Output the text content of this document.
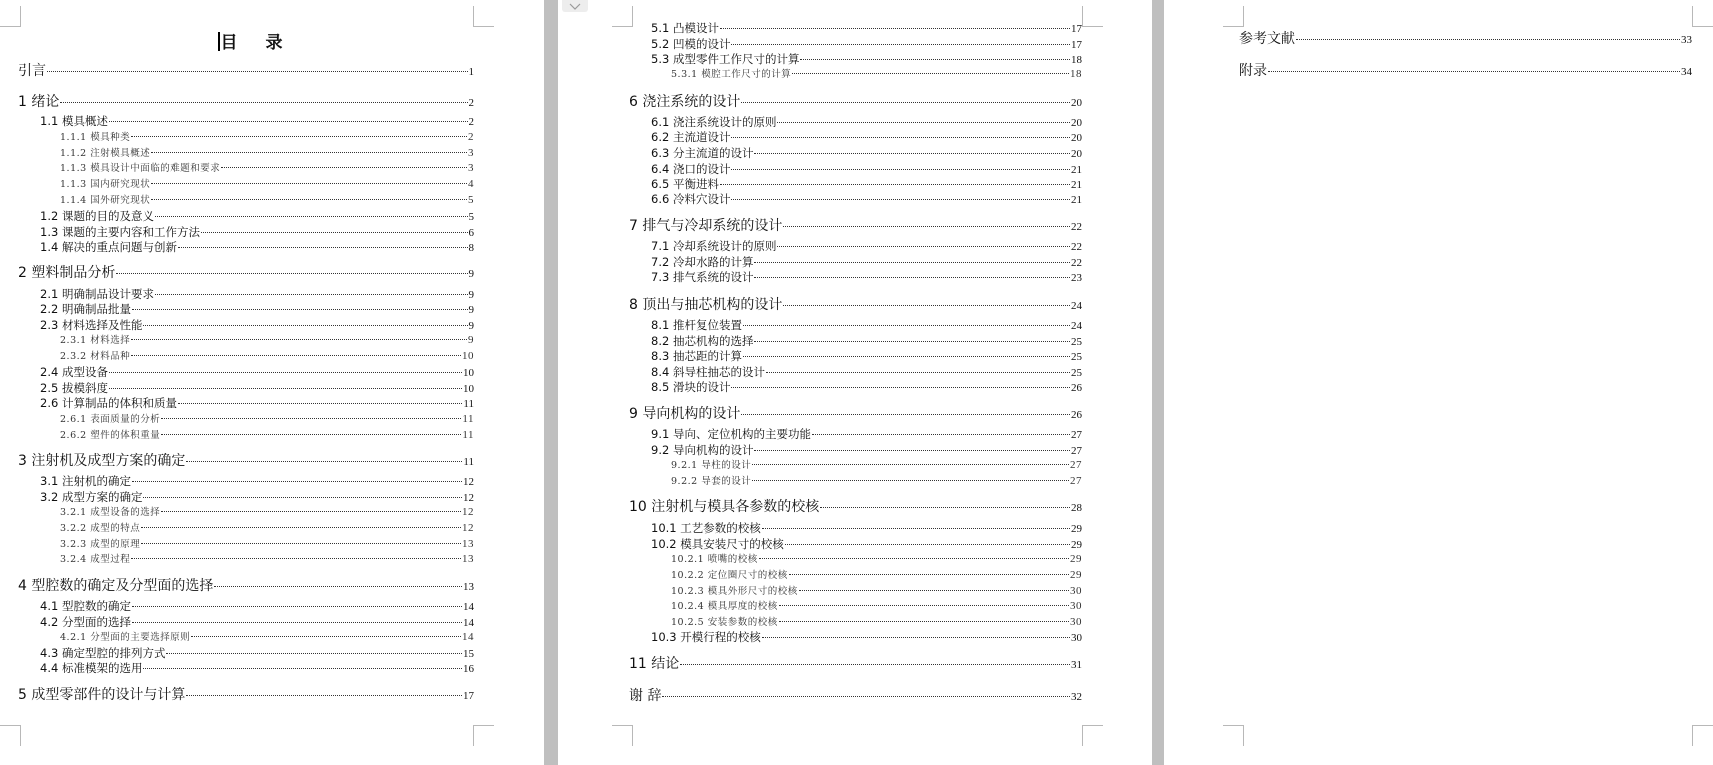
目 录
引言	1
1 绪论	2
1.1 模具概述	2
1.1.1 模具种类	2
1.1.2 注射模具概述	3
1.1.3 模具设计中面临的难题和要求	3
1.1.3 国内研究现状	4
1.1.4 国外研究现状	5
1.2 课题的目的及意义	5
1.3 课题的主要内容和工作方法	6
1.4 解决的重点问题与创新	8
2 塑料制品分析	9
2.1 明确制品设计要求	9
2.2 明确制品批量	9
2.3 材料选择及性能	9
2.3.1 材料选择	9
2.3.2 材料品种	10
2.4 成型设备	10
2.5 拔模斜度	10
2.6 计算制品的体积和质量	11
2.6.1 表面质量的分析	11
2.6.2 塑件的体积重量	11
3 注射机及成型方案的确定	11
3.1 注射机的确定	12
3.2 成型方案的确定	12
3.2.1 成型设备的选择	12
3.2.2 成型的特点	12
3.2.3 成型的原理	13
3.2.4 成型过程	13
4 型腔数的确定及分型面的选择	13
4.1 型腔数的确定	14
4.2 分型面的选择	14
4.2.1 分型面的主要选择原则	14
4.3 确定型腔的排列方式	15
4.4 标准模架的选用	16
5 成型零部件的设计与计算	17
5.1 凸模设计	17
5.2 凹模的设计	17
5.3 成型零件工作尺寸的计算	18
5.3.1 模腔工作尺寸的计算	18
6 浇注系统的设计	20
6.1 浇注系统设计的原则	20
6.2 主流道设计	20
6.3 分主流道的设计	20
6.4 浇口的设计	21
6.5 平衡进料	21
6.6 冷料穴设计	21
7 排气与冷却系统的设计	22
7.1 冷却系统设计的原则	22
7.2 冷却水路的计算	22
7.3 排气系统的设计	23
8 顶出与抽芯机构的设计	24
8.1 推杆复位装置	24
8.2 抽芯机构的选择	25
8.3 抽芯距的计算	25
8.4 斜导柱抽芯的设计	25
8.5 滑块的设计	26
9 导向机构的设计	26
9.1 导向、定位机构的主要功能	27
9.2 导向机构的设计	27
9.2.1 导柱的设计	27
9.2.2 导套的设计	27
10 注射机与模具各参数的校核	28
10.1 工艺参数的校核	29
10.2 模具安装尺寸的校核	29
10.2.1 喷嘴的校核	29
10.2.2 定位圈尺寸的校核	29
10.2.3 模具外形尺寸的校核	30
10.2.4 模具厚度的校核	30
10.2.5 安装参数的校核	30
10.3 开模行程的校核	30
11 结论	31
谢 辞	32
参考文献	33
附录	34
